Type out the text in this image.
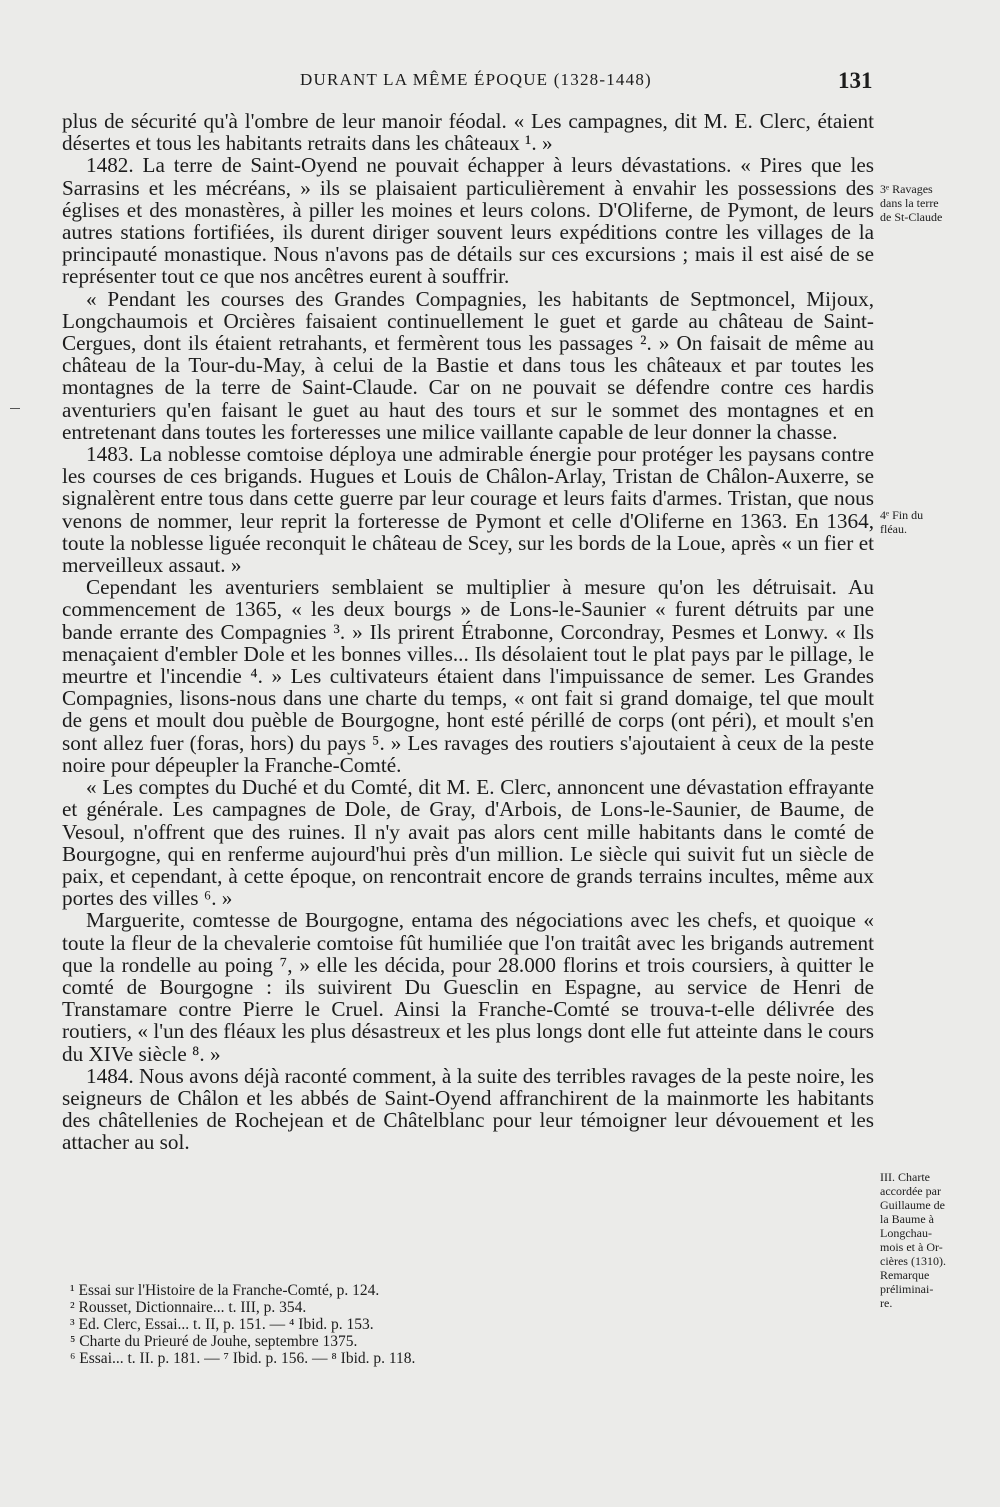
DURANT LA MÊME ÉPOQUE (1328-1448)	131

plus de sécurité qu'à l'ombre de leur manoir féodal. « Les campagnes, dit M. E. Clerc, étaient désertes et tous les habitants retraits dans les châteaux ¹. »

1482. La terre de Saint-Oyend ne pouvait échapper à leurs dévastations. « Pires que les Sarrasins et les mécréans, » ils se plaisaient particulièrement à envahir les possessions des églises et des monastères, à piller les moines et leurs colons. D'Oliferne, de Pymont, de leurs autres stations fortifiées, ils durent diriger souvent leurs expéditions contre les villages de la principauté monastique. Nous n'avons pas de détails sur ces excursions ; mais il est aisé de se représenter tout ce que nos ancêtres eurent à souffrir.

« Pendant les courses des Grandes Compagnies, les habitants de Septmoncel, Mijoux, Longchaumois et Orcières faisaient continuellement le guet et garde au château de Saint-Cergues, dont ils étaient retrahants, et fermèrent tous les passages ². » On faisait de même au château de la Tour-du-May, à celui de la Bastie et dans tous les châteaux et par toutes les montagnes de la terre de Saint-Claude. Car on ne pouvait se défendre contre ces hardis aventuriers qu'en faisant le guet au haut des tours et sur le sommet des montagnes et en entretenant dans toutes les forteresses une milice vaillante capable de leur donner la chasse.

1483. La noblesse comtoise déploya une admirable énergie pour protéger les paysans contre les courses de ces brigands. Hugues et Louis de Châlon-Arlay, Tristan de Châlon-Auxerre, se signalèrent entre tous dans cette guerre par leur courage et leurs faits d'armes. Tristan, que nous venons de nommer, leur reprit la forteresse de Pymont et celle d'Oliferne en 1363. En 1364, toute la noblesse liguée reconquit le château de Scey, sur les bords de la Loue, après « un fier et merveilleux assaut. »

Cependant les aventuriers semblaient se multiplier à mesure qu'on les détruisait. Au commencement de 1365, « les deux bourgs » de Lons-le-Saunier « furent détruits par une bande errante des Compagnies ³. » Ils prirent Étrabonne, Corcondray, Pesmes et Lonwy. « Ils menaçaient d'embler Dole et les bonnes villes... Ils désolaient tout le plat pays par le pillage, le meurtre et l'incendie ⁴. » Les cultivateurs étaient dans l'impuissance de semer. Les Grandes Compagnies, lisons-nous dans une charte du temps, « ont fait si grand domaige, tel que moult de gens et moult dou puèble de Bourgogne, hont esté périllé de corps (ont péri), et moult s'en sont allez fuer (foras, hors) du pays ⁵. » Les ravages des routiers s'ajoutaient à ceux de la peste noire pour dépeupler la Franche-Comté.

« Les comptes du Duché et du Comté, dit M. E. Clerc, annoncent une dévastation effrayante et générale. Les campagnes de Dole, de Gray, d'Arbois, de Lons-le-Saunier, de Baume, de Vesoul, n'offrent que des ruines. Il n'y avait pas alors cent mille habitants dans le comté de Bourgogne, qui en renferme aujourd'hui près d'un million. Le siècle qui suivit fut un siècle de paix, et cependant, à cette époque, on rencontrait encore de grands terrains incultes, même aux portes des villes ⁶. »

Marguerite, comtesse de Bourgogne, entama des négociations avec les chefs, et quoique « toute la fleur de la chevalerie comtoise fût humiliée que l'on traitât avec les brigands autrement que la rondelle au poing ⁷, » elle les décida, pour 28.000 florins et trois coursiers, à quitter le comté de Bourgogne : ils suivirent Du Guesclin en Espagne, au service de Henri de Transtamare contre Pierre le Cruel. Ainsi la Franche-Comté se trouva-t-elle délivrée des routiers, « l'un des fléaux les plus désastreux et les plus longs dont elle fut atteinte dans le cours du XIVe siècle ⁸. »

1484. Nous avons déjà raconté comment, à la suite des terribles ravages de la peste noire, les seigneurs de Châlon et les abbés de Saint-Oyend affranchirent de la mainmorte les habitants des châtellenies de Rochejean et de Châtelblanc pour leur témoigner leur dévouement et les attacher au sol.

3ᵉ Ravages
dans la terre
de St-Claude
4ᵉ Fin du
fléau.
III. Charte
accordée par
Guillaume de
la Baume à
Longchau-
mois et à Or-
cières (1310).
Remarque
préliminai-
re.
¹ Essai sur l'Histoire de la Franche-Comté, p. 124.
² Rousset, Dictionnaire... t. III, p. 354.
³ Ed. Clerc, Essai... t. II, p. 151. — ⁴ Ibid. p. 153.
⁵ Charte du Prieuré de Jouhe, septembre 1375.
⁶ Essai... t. II. p. 181. — ⁷ Ibid. p. 156. — ⁸ Ibid. p. 118.
